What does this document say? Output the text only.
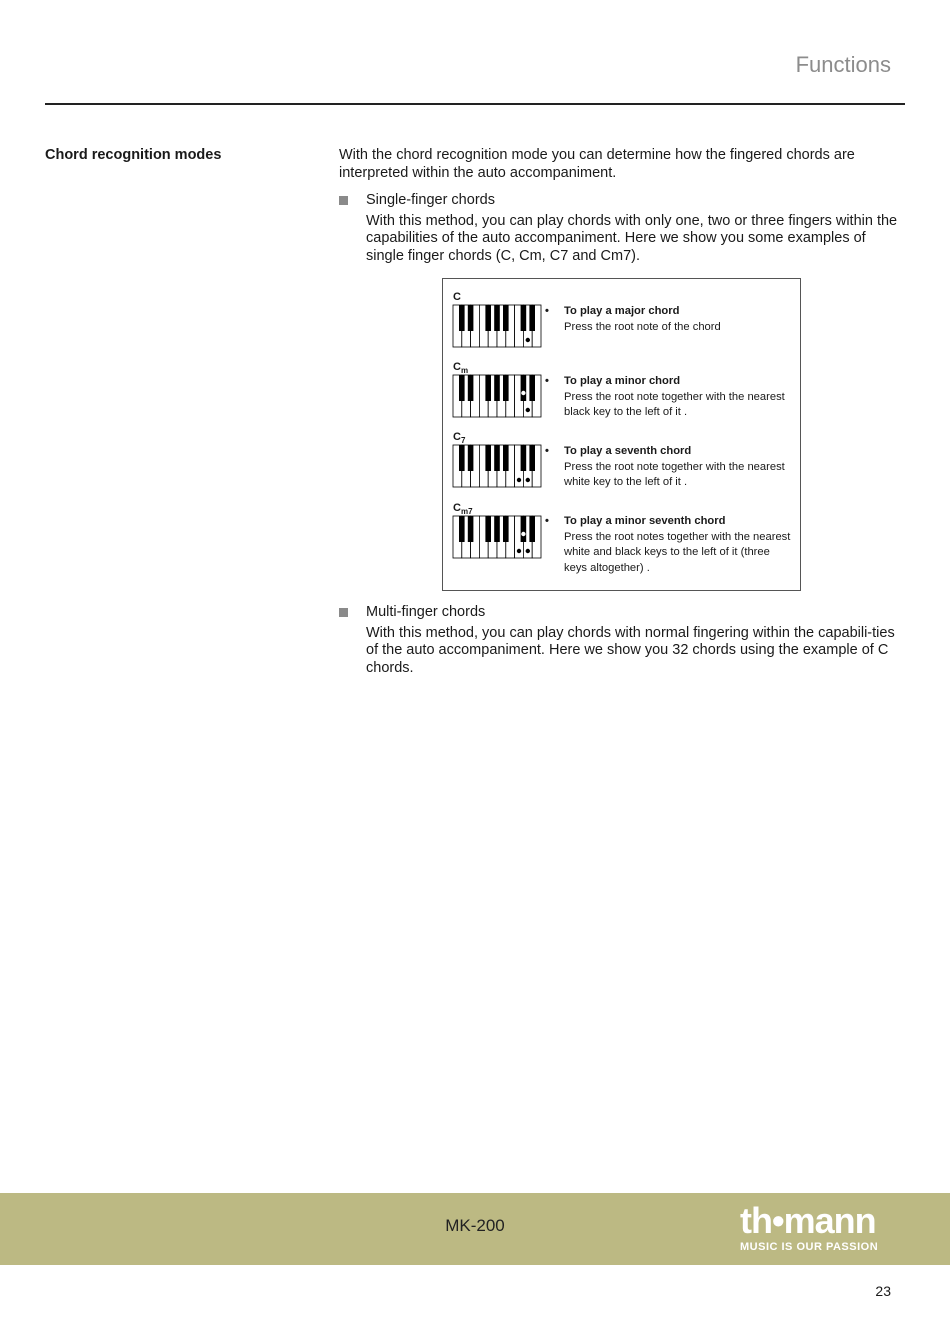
Functions
Chord recognition modes	With the chord recognition mode you can determine how the fingered chords are interpreted within the auto accompaniment.
Single-finger chords
With this method, you can play chords with only one, two or three fingers within the capabilities of the auto accompaniment. Here we show you some examples of single finger chords (C, Cm, C7 and Cm7).
C
$C_m$
$C_7$
$C_{m7}$
• To play a major chord
Press the root note of the chord
• To play a minor chord
Press the root note together with the nearest black key to the left of it .
• To play a seventh chord
Press the root note together with the nearest white key to the left of it .
• To play a minor seventh chord
Press the root notes together with the nearest white and black keys to the left of it (three keys altogether) .
Multi-finger chords
With this method, you can play chords with normal fingering within the capabili-ties of the auto accompaniment. Here we show you 32 chords using the example of C chords.
MK-200	th•mann
MUSIC IS OUR PASSION
23
